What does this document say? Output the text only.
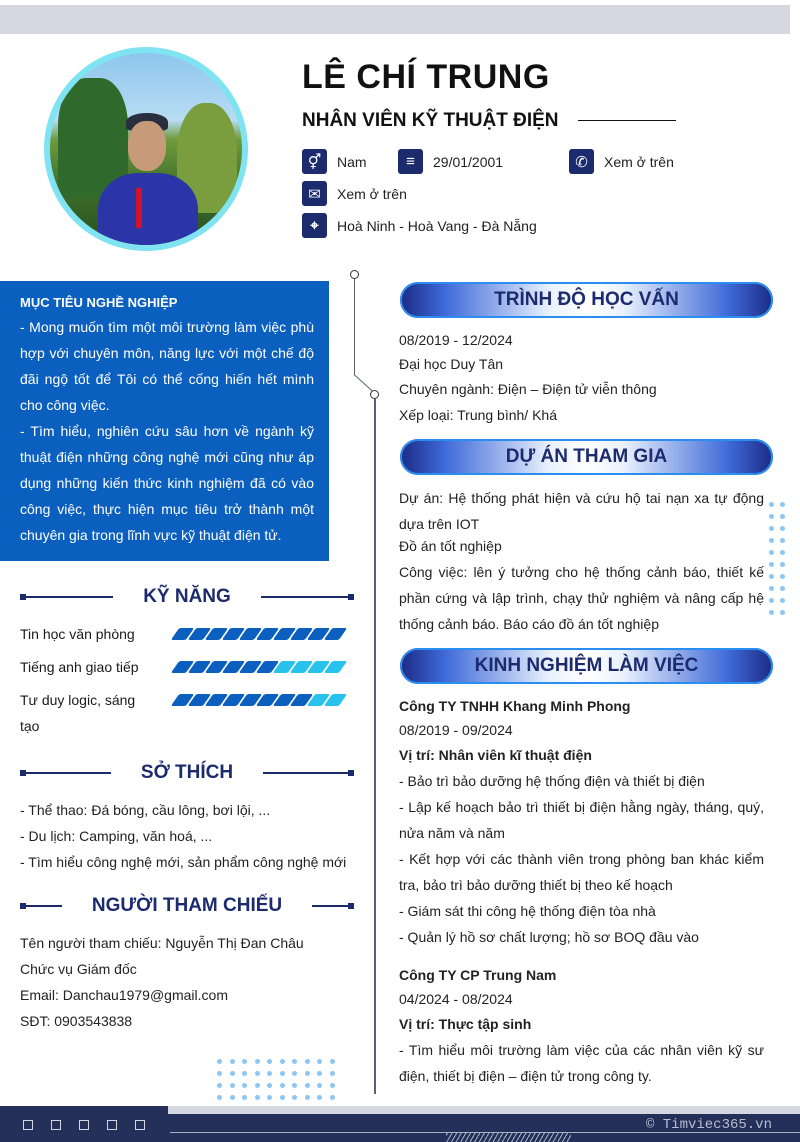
LÊ CHÍ TRUNG
NHÂN VIÊN KỸ THUẬT ĐIỆN
⚥	Nam	≡	29/01/2001	✆	Xem ở trên
✉	Xem ở trên
⌖	Hoà Ninh - Hoà Vang - Đà Nẵng
MỤC TIÊU NGHỀ NGHIỆP

- Mong muốn tìm một môi trường làm việc phù hợp với chuyên môn, năng lực với một chế độ đãi ngộ tốt để Tôi có thể cống hiến hết mình cho công việc.

- Tìm hiểu, nghiên cứu sâu hơn về ngành kỹ thuật điện những công nghệ mới cũng như áp dụng những kiến thức kinh nghiệm đã có vào công việc, thực hiện mục tiêu trở thành một chuyên gia trong lĩnh vực kỹ thuật điện tử.

KỸ NĂNG
Tin học văn phòng
Tiếng anh giao tiếp
Tư duy logic, sáng tạo
SỞ THÍCH
- Thể thao: Đá bóng, cầu lông, bơi lội, ...
- Du lịch: Camping, văn hoá, ...
- Tìm hiểu công nghệ mới, sản phẩm công nghệ mới
NGƯỜI THAM CHIẾU
Tên người tham chiếu: Nguyễn Thị Đan Châu
Chức vụ Giám đốc
Email: Danchau1979@gmail.com
SĐT: 0903543838
TRÌNH ĐỘ HỌC VẤN
08/2019 - 12/2024
Đại học Duy Tân
Chuyên ngành: Điện – Điện tử viễn thông
Xếp loại: Trung bình/ Khá
DỰ ÁN THAM GIA
Dự án: Hệ thống phát hiện và cứu hộ tai nạn xa tự động dựa trên IOT
Đồ án tốt nghiệp
Công việc: lên ý tưởng cho hệ thống cảnh báo, thiết kế phần cứng và lập trình, chạy thử nghiệm và nâng cấp hệ thống cảnh báo. Báo cáo đồ án tốt nghiệp
KINH NGHIỆM LÀM VIỆC
Công TY TNHH Khang Minh Phong
08/2019 - 09/2024
Vị trí: Nhân viên kĩ thuật điện
- Bảo trì bảo dưỡng hệ thống điện và thiết bị điện
- Lập kế hoạch bảo trì thiết bị điện hằng ngày, tháng, quý, nửa năm và năm
- Kết hợp với các thành viên trong phòng ban khác kiểm tra, bảo trì bảo dưỡng thiết bị theo kế hoạch
- Giám sát thi công hệ thống điện tòa nhà
- Quản lý hồ sơ chất lượng; hồ sơ BOQ đầu vào
Công TY CP Trung Nam
04/2024 - 08/2024
Vị trí: Thực tập sinh
- Tìm hiểu môi trường làm việc của các nhân viên kỹ sư điện, thiết bị điện – điện tử trong công ty.
© Timviec365.vn
